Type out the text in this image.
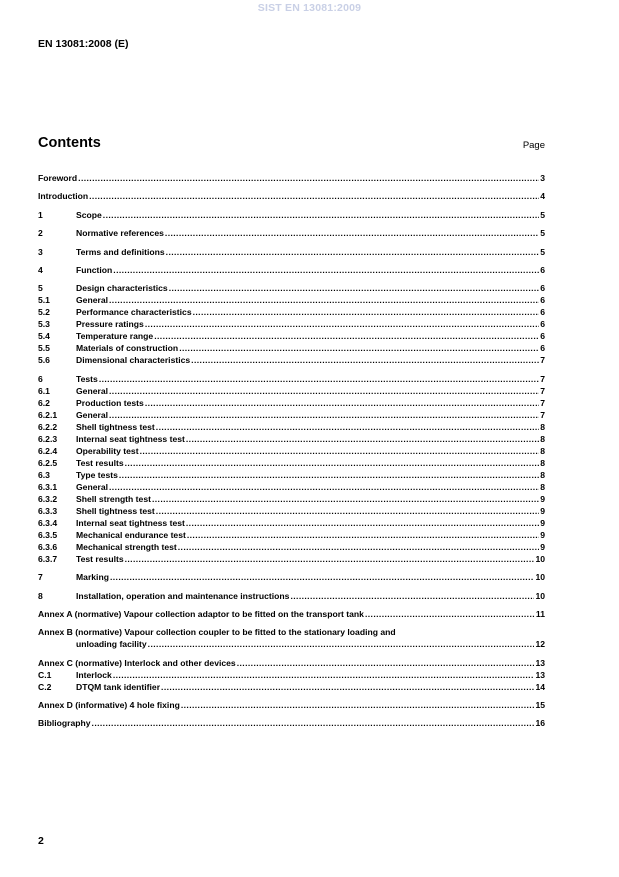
SIST EN 13081:2009
EN 13081:2008 (E)
Contents	Page
Foreword .....	3
Introduction .....	4
1	Scope .....	5
2	Normative references .....	5
3	Terms and definitions .....	5
4	Function .....	6
5	Design characteristics .....	6
5.1	General .....	6
5.2	Performance characteristics .....	6
5.3	Pressure ratings .....	6
5.4	Temperature range .....	6
5.5	Materials of construction .....	6
5.6	Dimensional characteristics .....	7
6	Tests .....	7
6.1	General .....	7
6.2	Production tests .....	7
6.2.1	General .....	7
6.2.2	Shell tightness test .....	8
6.2.3	Internal seat tightness test .....	8
6.2.4	Operability test .....	8
6.2.5	Test results .....	8
6.3	Type tests .....	8
6.3.1	General .....	8
6.3.2	Shell strength test .....	9
6.3.3	Shell tightness test .....	9
6.3.4	Internal seat tightness test .....	9
6.3.5	Mechanical endurance test .....	9
6.3.6	Mechanical strength test .....	9
6.3.7	Test results .....	10
7	Marking .....	10
8	Installation, operation and maintenance instructions .....	10
Annex A (normative) Vapour collection adaptor to be fitted on the transport tank .....	11
Annex B (normative) Vapour collection coupler to be fitted to the stationary loading and
unloading facility .....	12
Annex C (normative) Interlock and other devices .....	13
C.1	Interlock .....	13
C.2	DTQM tank identifier .....	14
Annex D (informative) 4 hole fixing .....	15
Bibliography .....	16
2
